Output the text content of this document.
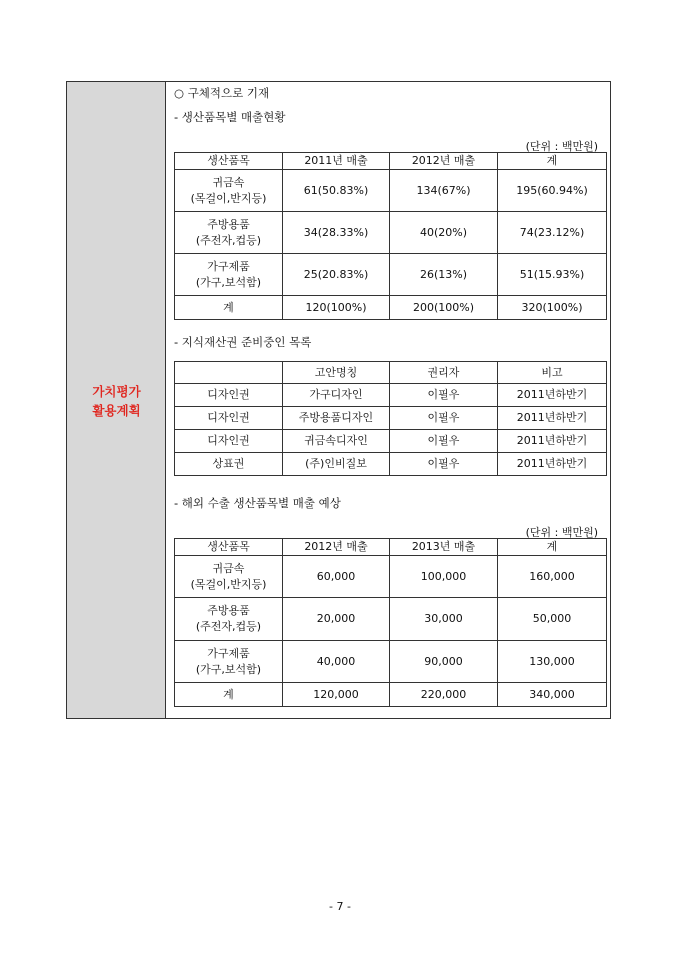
가치평가
활용계획
○ 구체적으로 기재
- 생산품목별 매출현황
(단위 : 백만원)
생산품목	2011년 매출	2012년 매출	계

귀금속
(목걸이,반지등)	61(50.83%)	134(67%)	195(60.94%)

주방용품
(주전자,컵등)	34(28.33%)	40(20%)	74(23.12%)

가구제품
(가구,보석함)	25(20.83%)	26(13%)	51(15.93%)
계	120(100%)	200(100%)	320(100%)
- 지식재산권 준비중인 목록
	고안명칭	권리자	비고
디자인권	가구디자인	이필우	2011년하반기
디자인권	주방용품디자인	이필우	2011년하반기
디자인권	귀금속디자인	이필우	2011년하반기
상표권	(주)인비질보	이필우	2011년하반기
- 해외 수출 생산품목별 매출 예상
(단위 : 백만원)
생산품목	2012년 매출	2013년 매출	계

귀금속
(목걸이,반지등)	60,000	100,000	160,000

주방용품
(주전자,컵등)	20,000	30,000	50,000

가구제품
(가구,보석함)	40,000	90,000	130,000
계	120,000	220,000	340,000
- 7 -
